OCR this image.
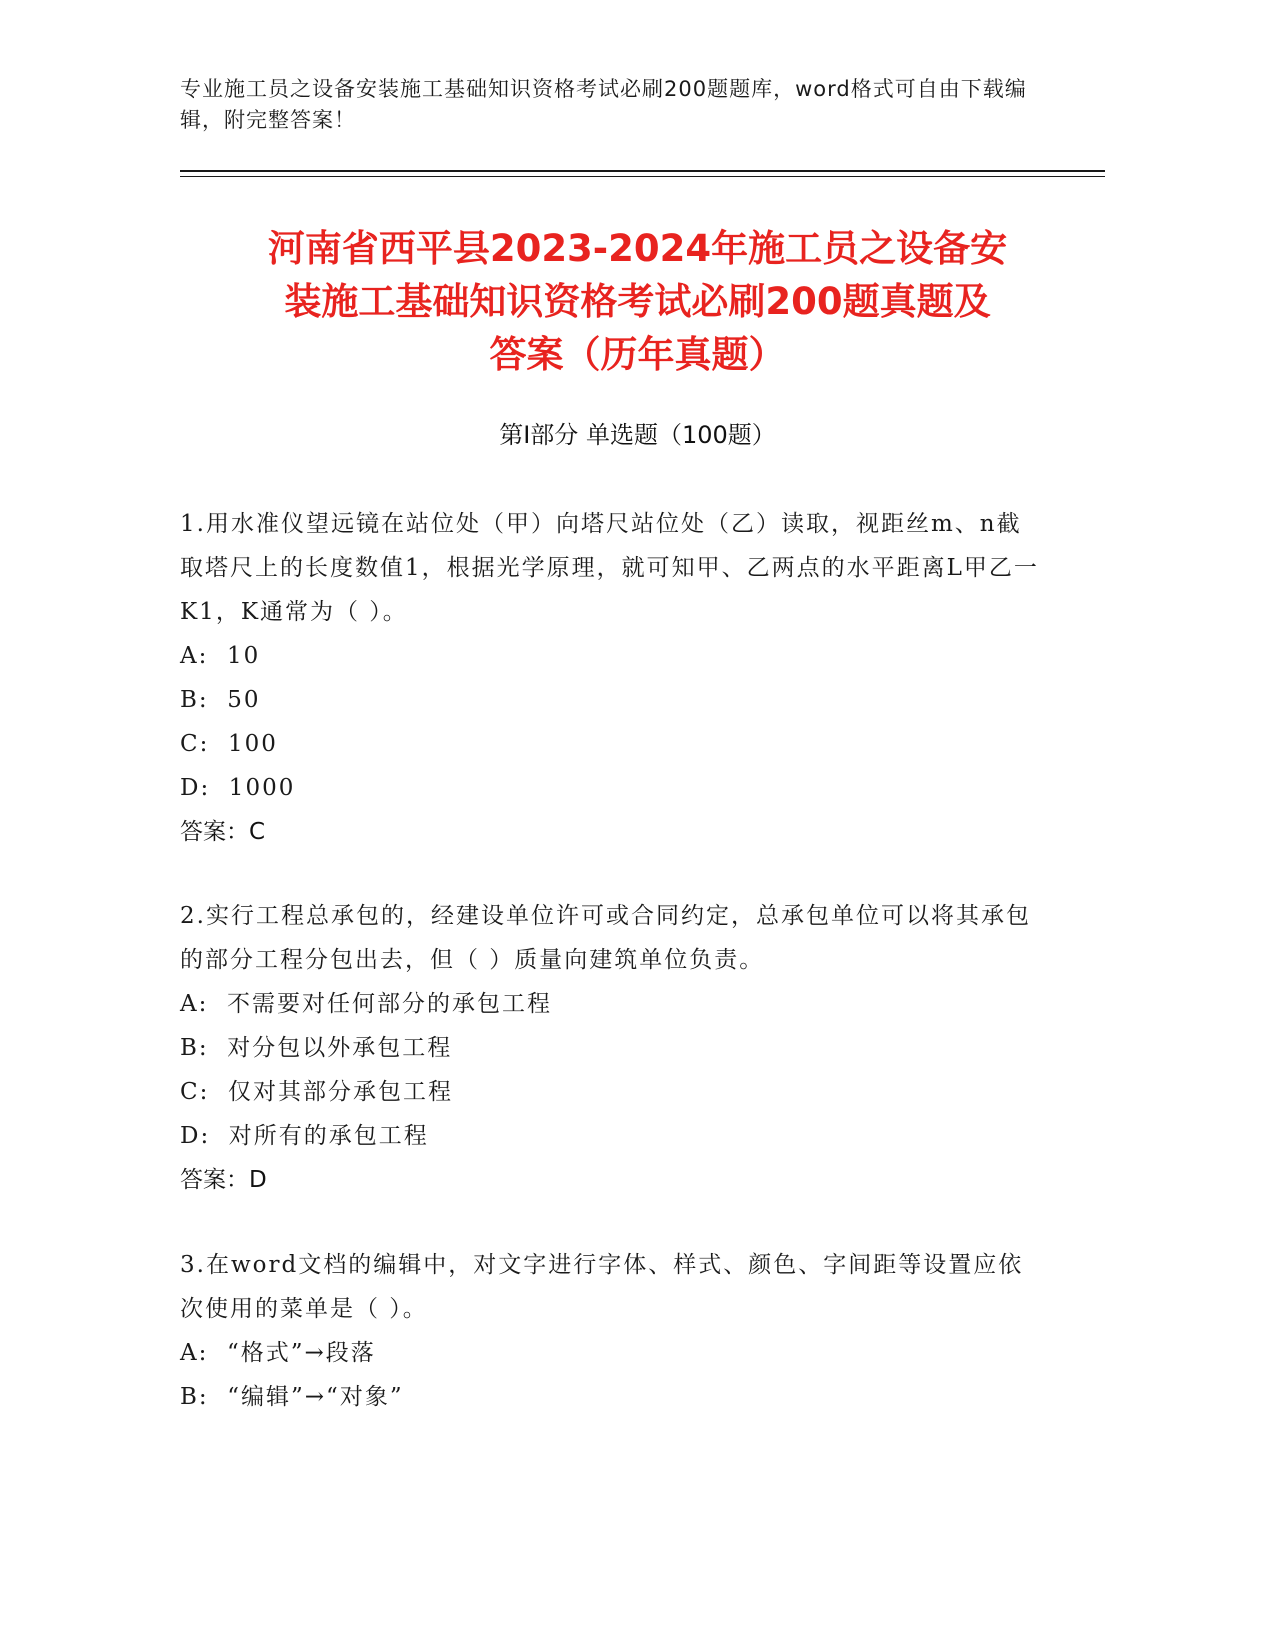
专业施工员之设备安装施工基础知识资格考试必刷200题题库，word格式可自由下载编辑，附完整答案！
河南省西平县2023-2024年施工员之设备安
装施工基础知识资格考试必刷200题真题及
答案（历年真题）
第Ⅰ部分 单选题（100题）

1.用水准仪望远镜在站位处（甲）向塔尺站位处（乙）读取，视距丝m、n截取塔尺上的长度数值1，根据光学原理，就可知甲、乙两点的水平距离L甲乙一K1，K通常为（ ）。

A:  10

B:  50

C:  100

D:  1000

答案：C

2.实行工程总承包的，经建设单位许可或合同约定，总承包单位可以将其承包的部分工程分包出去，但（ ）质量向建筑单位负责。

A:  不需要对任何部分的承包工程

B:  对分包以外承包工程

C:  仅对其部分承包工程

D:  对所有的承包工程

答案：D

3.在word文档的编辑中，对文字进行字体、样式、颜色、字间距等设置应依次使用的菜单是（ ）。

A:  “格式”→段落

B:  “编辑”→“对象”
